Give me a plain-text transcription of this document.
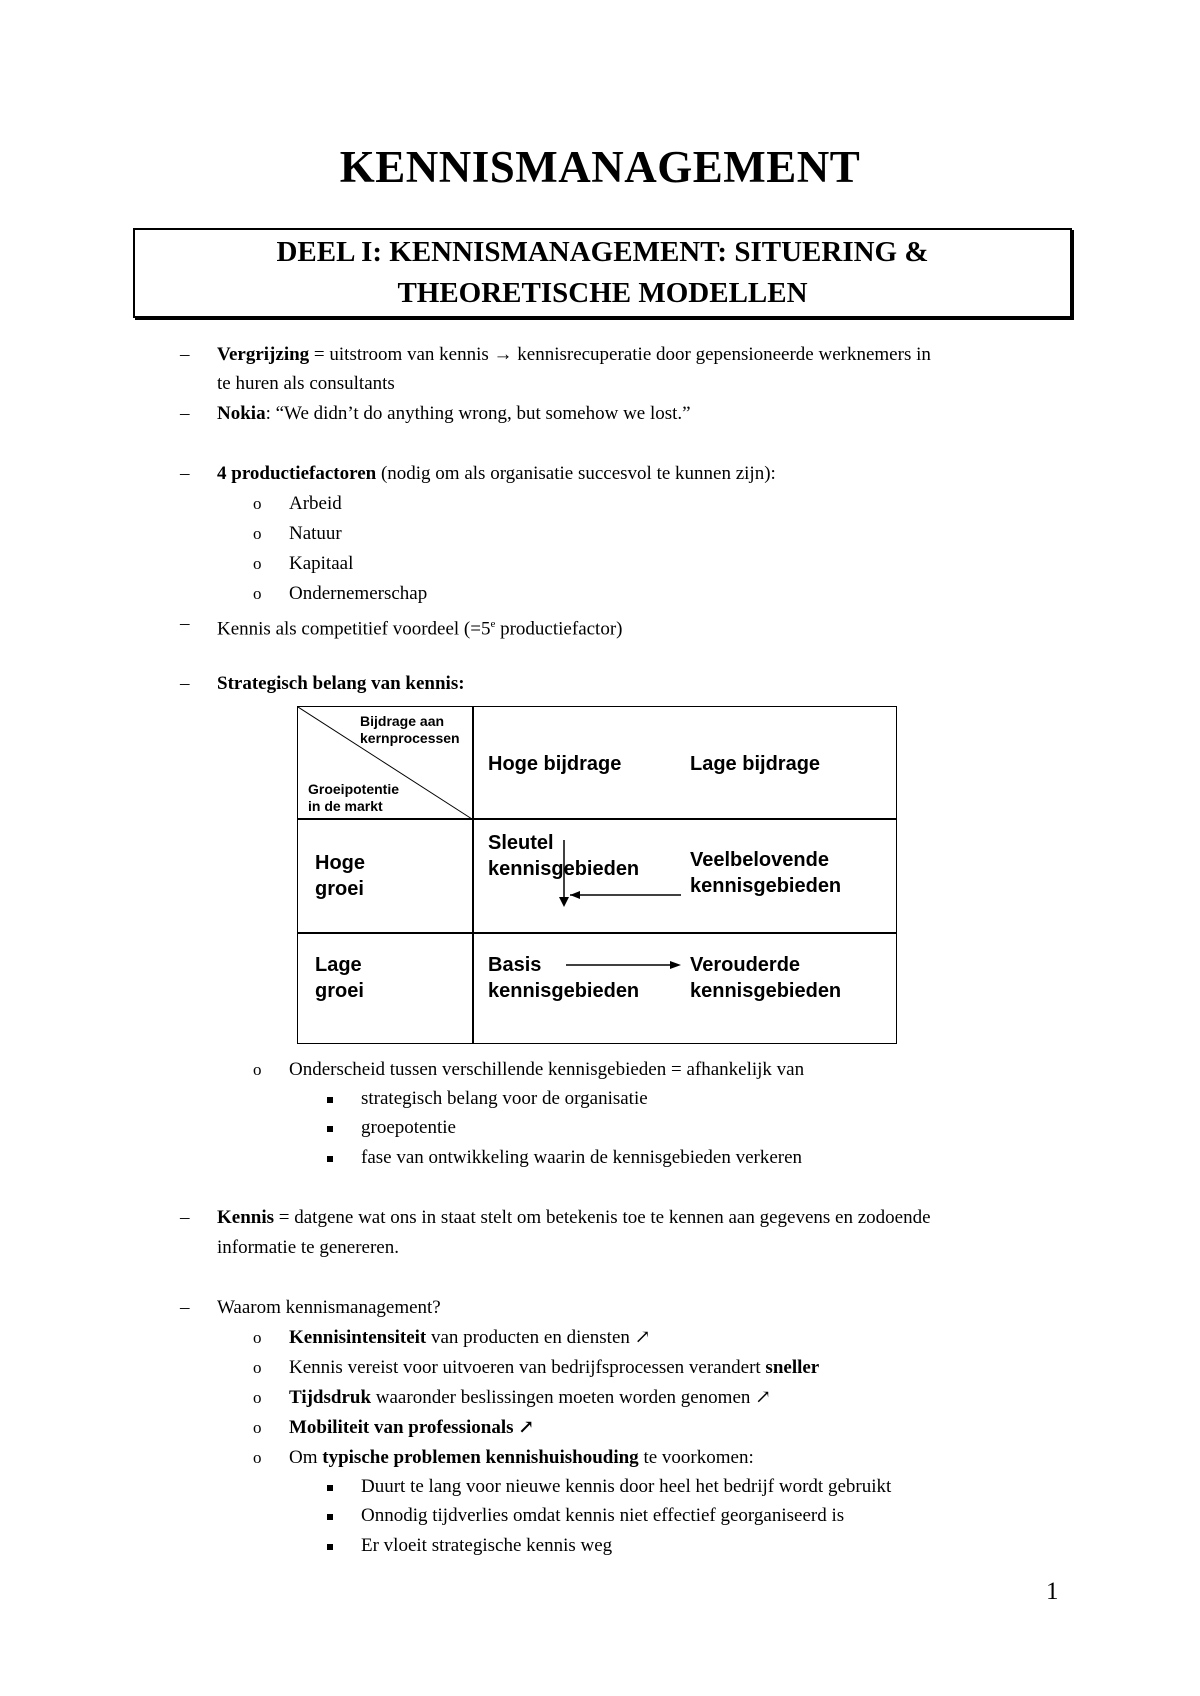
KENNISMANAGEMENT
DEEL I: KENNISMANAGEMENT: SITUERING &
THEORETISCHE MODELLEN
– Vergrijzing = uitstroom van kennis → kennisrecuperatie door gepensioneerde werknemers in
te huren als consultants
– Nokia: “We didn’t do anything wrong, but somehow we lost.”
– 4 productiefactoren (nodig om als organisatie succesvol te kunnen zijn):
o Arbeid
o Natuur
o Kapitaal
o Ondernemerschap
– Kennis als competitief voordeel ($=5^e$ productiefactor)
– Strategisch belang van kennis:
Bijdrage aan
kernprocessen
Groeipotentie
in de markt
Hoge bijdrage	Lage bijdrage
Hoge
groei
Lage
groei
Sleutel
kennisgebieden	Veelbelovende
kennisgebieden
Basis
kennisgebieden
Verouderde
kennisgebieden
o Onderscheid tussen verschillende kennisgebieden = afhankelijk van
strategisch belang voor de organisatie
groepotentie
fase van ontwikkeling waarin de kennisgebieden verkeren
– Kennis = datgene wat ons in staat stelt om betekenis toe te kennen aan gegevens en zodoende
informatie te genereren.
– Waarom kennismanagement?
o Kennisintensiteit van producten en diensten ↗
o Kennis vereist voor uitvoeren van bedrijfsprocessen verandert sneller
o Tijdsdruk waaronder beslissingen moeten worden genomen ↗
o Mobiliteit van professionals ↗
o Om typische problemen kennishuishouding te voorkomen:
Duurt te lang voor nieuwe kennis door heel het bedrijf wordt gebruikt
Onnodig tijdverlies omdat kennis niet effectief georganiseerd is
Er vloeit strategische kennis weg
1
